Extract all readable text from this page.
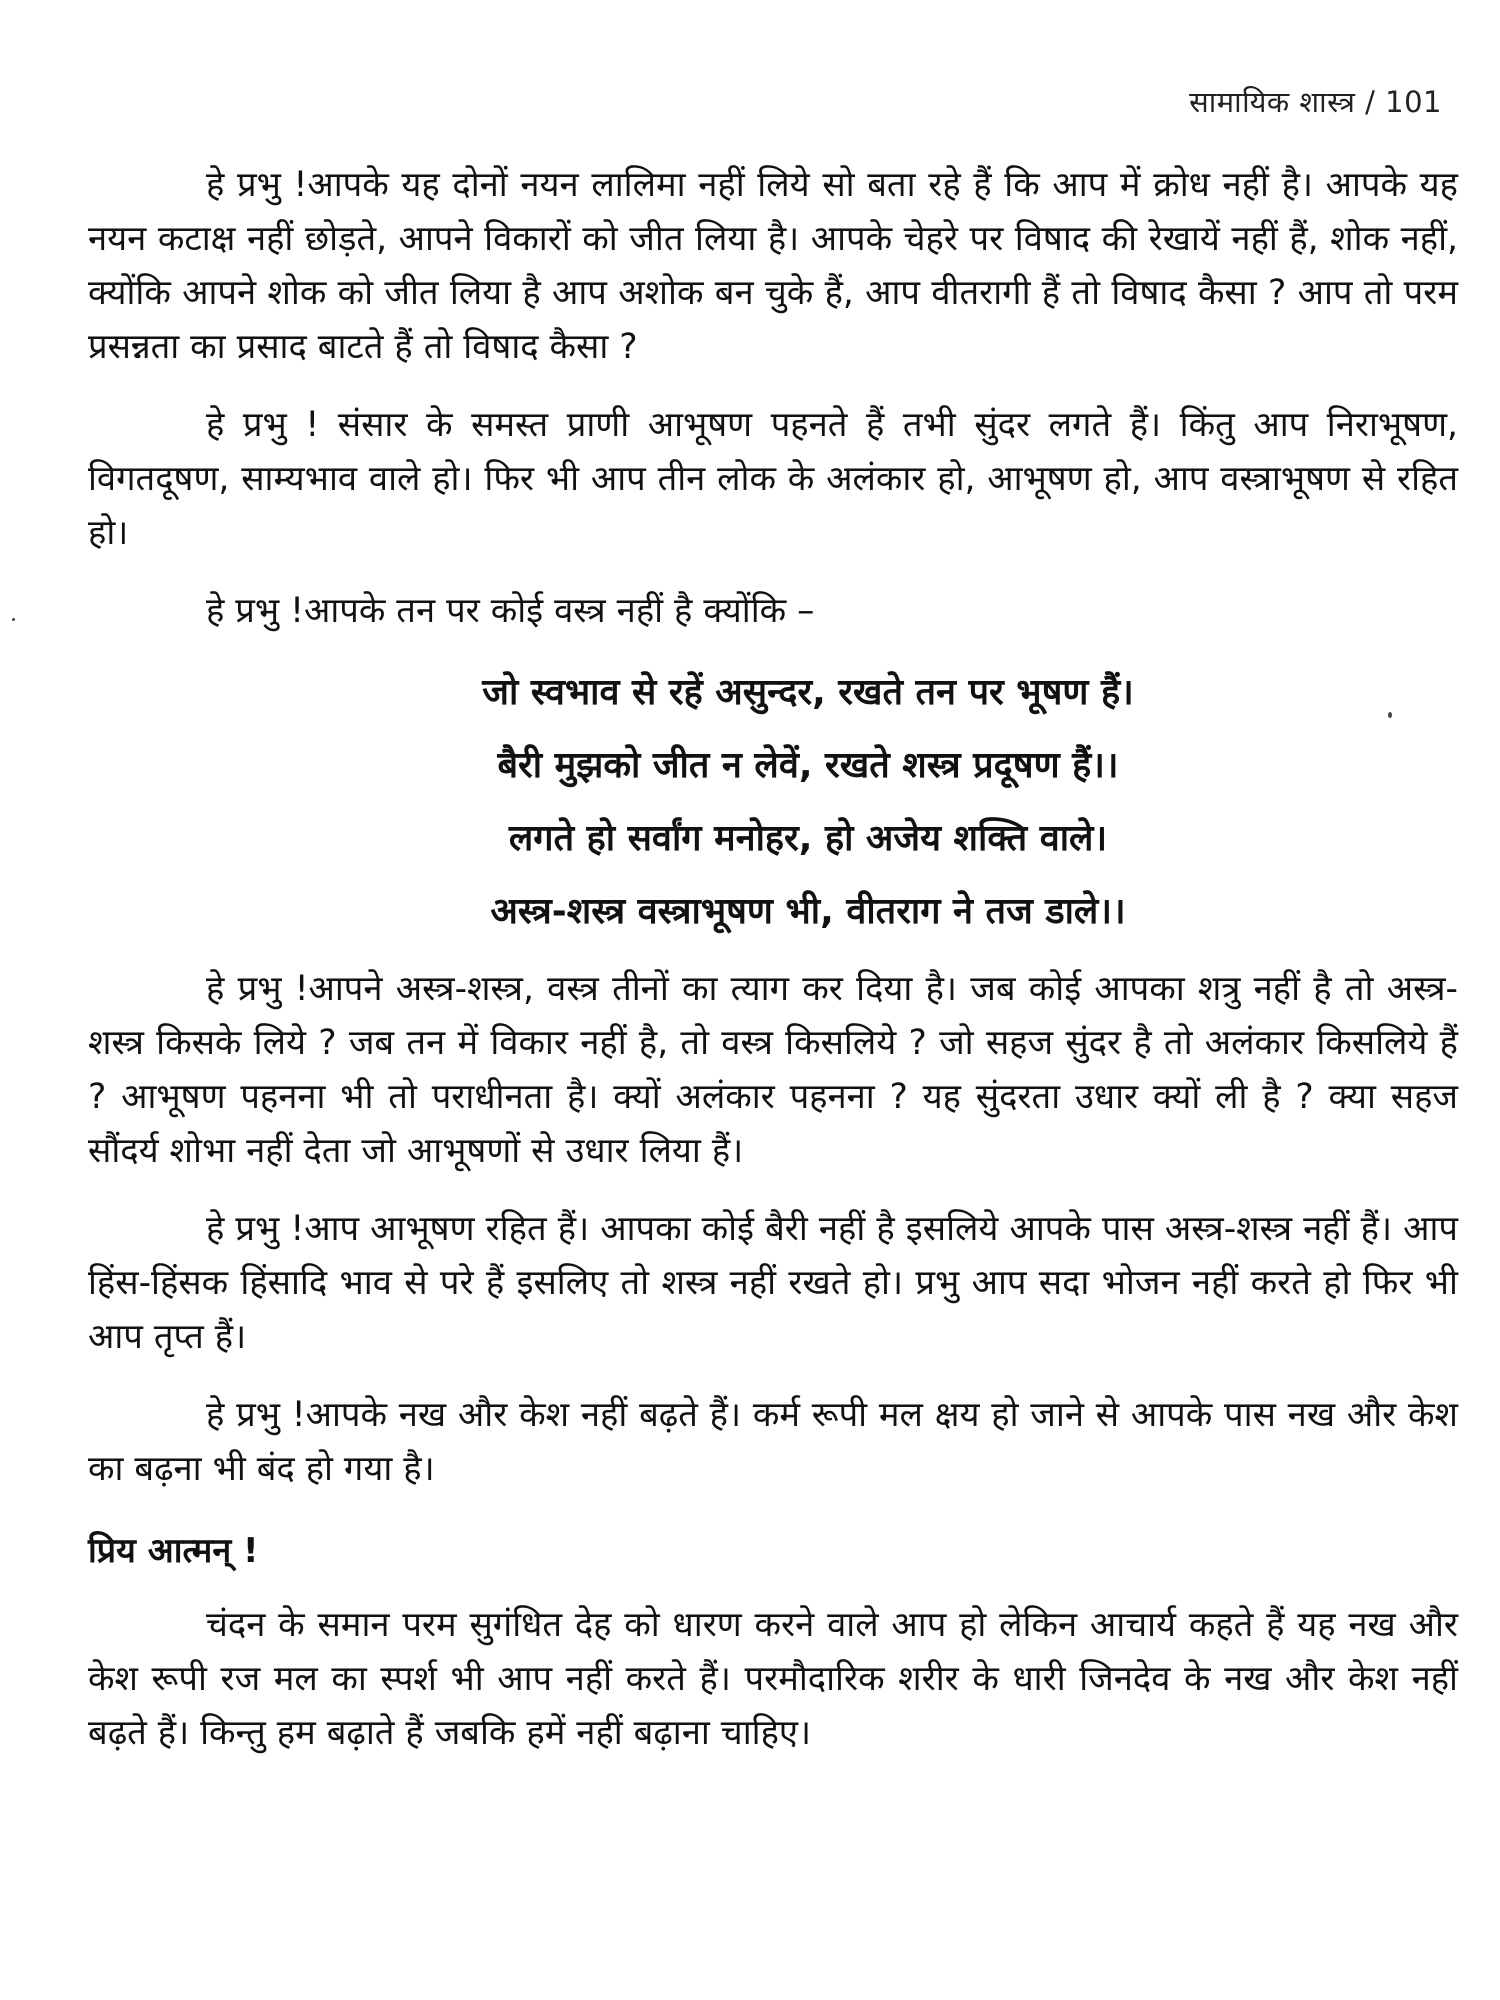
सामायिक शास्त्र / 101

हे प्रभु !आपके यह दोनों नयन लालिमा नहीं लिये सो बता रहे हैं कि आप में क्रोध नहीं है। आपके यह नयन कटाक्ष नहीं छोड़ते, आपने विकारों को जीत लिया है। आपके चेहरे पर विषाद की रेखायें नहीं हैं, शोक नहीं, क्योंकि आपने शोक को जीत लिया है आप अशोक बन चुके हैं, आप वीतरागी हैं तो विषाद कैसा ? आप तो परम प्रसन्नता का प्रसाद बाटते हैं तो विषाद कैसा ?

हे प्रभु ! संसार के समस्त प्राणी आभूषण पहनते हैं तभी सुंदर लगते हैं। किंतु आप निराभूषण, विगतदूषण, साम्यभाव वाले हो। फिर भी आप तीन लोक के अलंकार हो, आभूषण हो, आप वस्त्राभूषण से रहित हो।

हे प्रभु !आपके तन पर कोई वस्त्र नहीं है क्योंकि –

जो स्वभाव से रहें असुन्दर, रखते तन पर भूषण हैं।
बैरी मुझको जीत न लेवें, रखते शस्त्र प्रदूषण हैं।।
लगते हो सर्वांग मनोहर, हो अजेय शक्ति वाले।
अस्त्र-शस्त्र वस्त्राभूषण भी, वीतराग ने तज डाले।।

हे प्रभु !आपने अस्त्र-शस्त्र, वस्त्र तीनों का त्याग कर दिया है। जब कोई आपका शत्रु नहीं है तो अस्त्र-शस्त्र किसके लिये ? जब तन में विकार नहीं है, तो वस्त्र किसलिये ? जो सहज सुंदर है तो अलंकार किसलिये हैं ? आभूषण पहनना भी तो पराधीनता है। क्यों अलंकार पहनना ? यह सुंदरता उधार क्यों ली है ? क्या सहज सौंदर्य शोभा नहीं देता जो आभूषणों से उधार लिया हैं।

हे प्रभु !आप आभूषण रहित हैं। आपका कोई बैरी नहीं है इसलिये आपके पास अस्त्र-शस्त्र नहीं हैं। आप हिंस-हिंसक हिंसादि भाव से परे हैं इसलिए तो शस्त्र नहीं रखते हो। प्रभु आप सदा भोजन नहीं करते हो फिर भी आप तृप्त हैं।

हे प्रभु !आपके नख और केश नहीं बढ़ते हैं। कर्म रूपी मल क्षय हो जाने से आपके पास नख और केश का बढ़ना भी बंद हो गया है।

प्रिय आत्मन् !

चंदन के समान परम सुगंधित देह को धारण करने वाले आप हो लेकिन आचार्य कहते हैं यह नख और केश रूपी रज मल का स्पर्श भी आप नहीं करते हैं। परमौदारिक शरीर के धारी जिनदेव के नख और केश नहीं बढ़ते हैं। किन्तु हम बढ़ाते हैं जबकि हमें नहीं बढ़ाना चाहिए।
